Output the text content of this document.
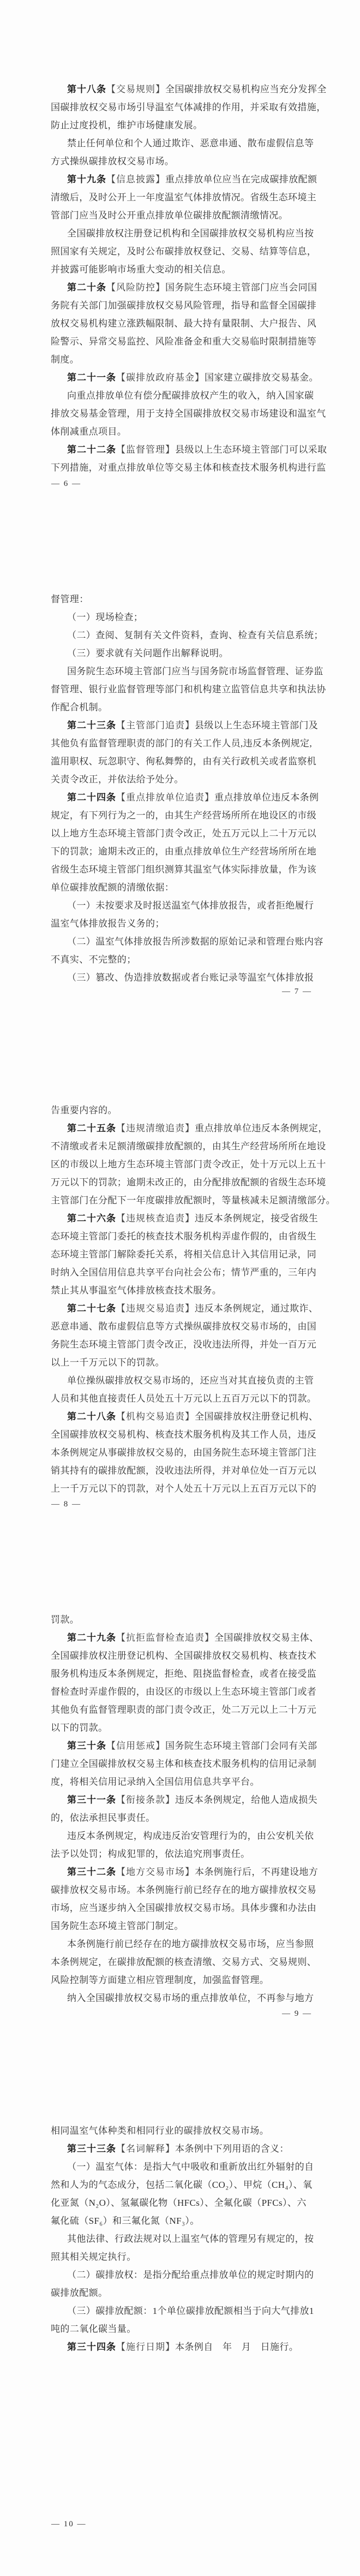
第十八条【交易规则】全国碳排放权交易机构应当充分发挥全
国碳排放权交易市场引导温室气体减排的作用，并采取有效措施，
防止过度投机，维护市场健康发展。
禁止任何单位和个人通过欺诈、恶意串通、散布虚假信息等
方式操纵碳排放权交易市场。
第十九条【信息披露】重点排放单位应当在完成碳排放配额
清缴后，及时公开上一年度温室气体排放情况。省级生态环境主
管部门应当及时公开重点排放单位碳排放配额清缴情况。
全国碳排放权注册登记机构和全国碳排放权交易机构应当按
照国家有关规定，及时公布碳排放权登记、交易、结算等信息，
并披露可能影响市场重大变动的相关信息。
第二十条【风险防控】国务院生态环境主管部门应当会同国
务院有关部门加强碳排放权交易风险管理，指导和监督全国碳排
放权交易机构建立涨跌幅限制、最大持有量限制、大户报告、风
险警示、异常交易监控、风险准备金和重大交易临时限制措施等
制度。
第二十一条【碳排放政府基金】国家建立碳排放交易基金。
向重点排放单位有偿分配碳排放权产生的收入，纳入国家碳
排放交易基金管理，用于支持全国碳排放权交易市场建设和温室气
体削减重点项目。
第二十二条【监督管理】县级以上生态环境主管部门可以采取
下列措施，对重点排放单位等交易主体和核查技术服务机构进行监
— 6 —
督管理：
（一）现场检查；
（二）查阅、复制有关文件资料，查询、检查有关信息系统；
（三）要求就有关问题作出解释说明。
国务院生态环境主管部门应当与国务院市场监督管理、证券监
督管理、银行业监督管理等部门和机构建立监管信息共享和执法协
作配合机制。
第二十三条【主管部门追责】县级以上生态环境主管部门及
其他负有监督管理职责的部门的有关工作人员,违反本条例规定,
滥用职权、玩忽职守、徇私舞弊的，由有关行政机关或者监察机
关责令改正，并依法给予处分。
第二十四条【重点排放单位追责】重点排放单位违反本条例
规定，有下列行为之一的，由其生产经营场所所在地设区的市级
以上地方生态环境主管部门责令改正，处五万元以上二十万元以
下的罚款；逾期未改正的，由重点排放单位生产经营场所所在地
省级生态环境主管部门组织测算其温室气体实际排放量，作为该
单位碳排放配额的清缴依据：
（一）未按要求及时报送温室气体排放报告，或者拒绝履行
温室气体排放报告义务的；
（二）温室气体排放报告所涉数据的原始记录和管理台账内容
不真实、不完整的；
（三）篡改、伪造排放数据或者台账记录等温室气体排放报
— 7 —
告重要内容的。
第二十五条【违规清缴追责】重点排放单位违反本条例规定，
不清缴或者未足额清缴碳排放配额的，由其生产经营场所所在地设
区的市级以上地方生态环境主管部门责令改正，处十万元以上五十
万元以下的罚款；逾期未改正的，由分配排放配额的省级生态环境
主管部门在分配下一年度碳排放配额时，等量核减未足额清缴部分。
第二十六条【违规核查追责】违反本条例规定，接受省级生
态环境主管部门委托的核查技术服务机构弄虚作假的，由省级生
态环境主管部门解除委托关系，将相关信息计入其信用记录，同
时纳入全国信用信息共享平台向社会公布；情节严重的，三年内
禁止其从事温室气体排放核查技术服务。
第二十七条【违规交易追责】违反本条例规定，通过欺诈、
恶意串通、散布虚假信息等方式操纵碳排放权交易市场的，由国
务院生态环境主管部门责令改正，没收违法所得，并处一百万元
以上一千万元以下的罚款。
单位操纵碳排放权交易市场的，还应当对其直接负责的主管
人员和其他直接责任人员处五十万元以上五百万元以下的罚款。
第二十八条【机构交易追责】全国碳排放权注册登记机构、
全国碳排放权交易机构、核查技术服务机构及其工作人员，违反
本条例规定从事碳排放权交易的，由国务院生态环境主管部门注
销其持有的碳排放配额，没收违法所得，并对单位处一百万元以
上一千万元以下的罚款，对个人处五十万元以上五百万元以下的
— 8 —
罚款。
第二十九条【抗拒监督检查追责】全国碳排放权交易主体、
全国碳排放权注册登记机构、全国碳排放权交易机构、核查技术
服务机构违反本条例规定，拒绝、阻挠监督检查，或者在接受监
督检查时弄虚作假的，由设区的市级以上生态环境主管部门或者
其他负有监督管理职责的部门责令改正，处二万元以上二十万元
以下的罚款。
第三十条【信用惩戒】国务院生态环境主管部门会同有关部
门建立全国碳排放权交易主体和核查技术服务机构的信用记录制
度，将相关信用记录纳入全国信用信息共享平台。
第三十一条【衔接条款】违反本条例规定，给他人造成损失
的，依法承担民事责任。
违反本条例规定，构成违反治安管理行为的，由公安机关依
法予以处罚；构成犯罪的，依法追究刑事责任。
第三十二条【地方交易市场】本条例施行后，不再建设地方
碳排放权交易市场。本条例施行前已经存在的地方碳排放权交易
市场，应当逐步纳入全国碳排放权交易市场。具体步骤和办法由
国务院生态环境主管部门制定。
本条例施行前已经存在的地方碳排放权交易市场，应当参照
本条例规定，在碳排放配额的核查清缴、交易方式、交易规则、
风险控制等方面建立相应管理制度，加强监督管理。
纳入全国碳排放权交易市场的重点排放单位，不再参与地方
— 9 —
相同温室气体种类和相同行业的碳排放权交易市场。
第三十三条【名词解释】本条例中下列用语的含义：
（一）温室气体：是指大气中吸收和重新放出红外辐射的自
然和人为的气态成分，包括二氧化碳（CO₂）、甲烷（CH₄）、氧
化亚氮（N₂O）、氢氟碳化物（HFCs）、全氟化碳（PFCs）、六
氟化硫（SF₆）和三氟化氮（NF₃）。
其他法律、行政法规对以上温室气体的管理另有规定的，按
照其相关规定执行。
（二）碳排放权：是指分配给重点排放单位的规定时期内的
碳排放配额。
（三）碳排放配额：1个单位碳排放配额相当于向大气排放1
吨的二氧化碳当量。
第三十四条【施行日期】本条例自　年　月　日施行。
— 10 —
